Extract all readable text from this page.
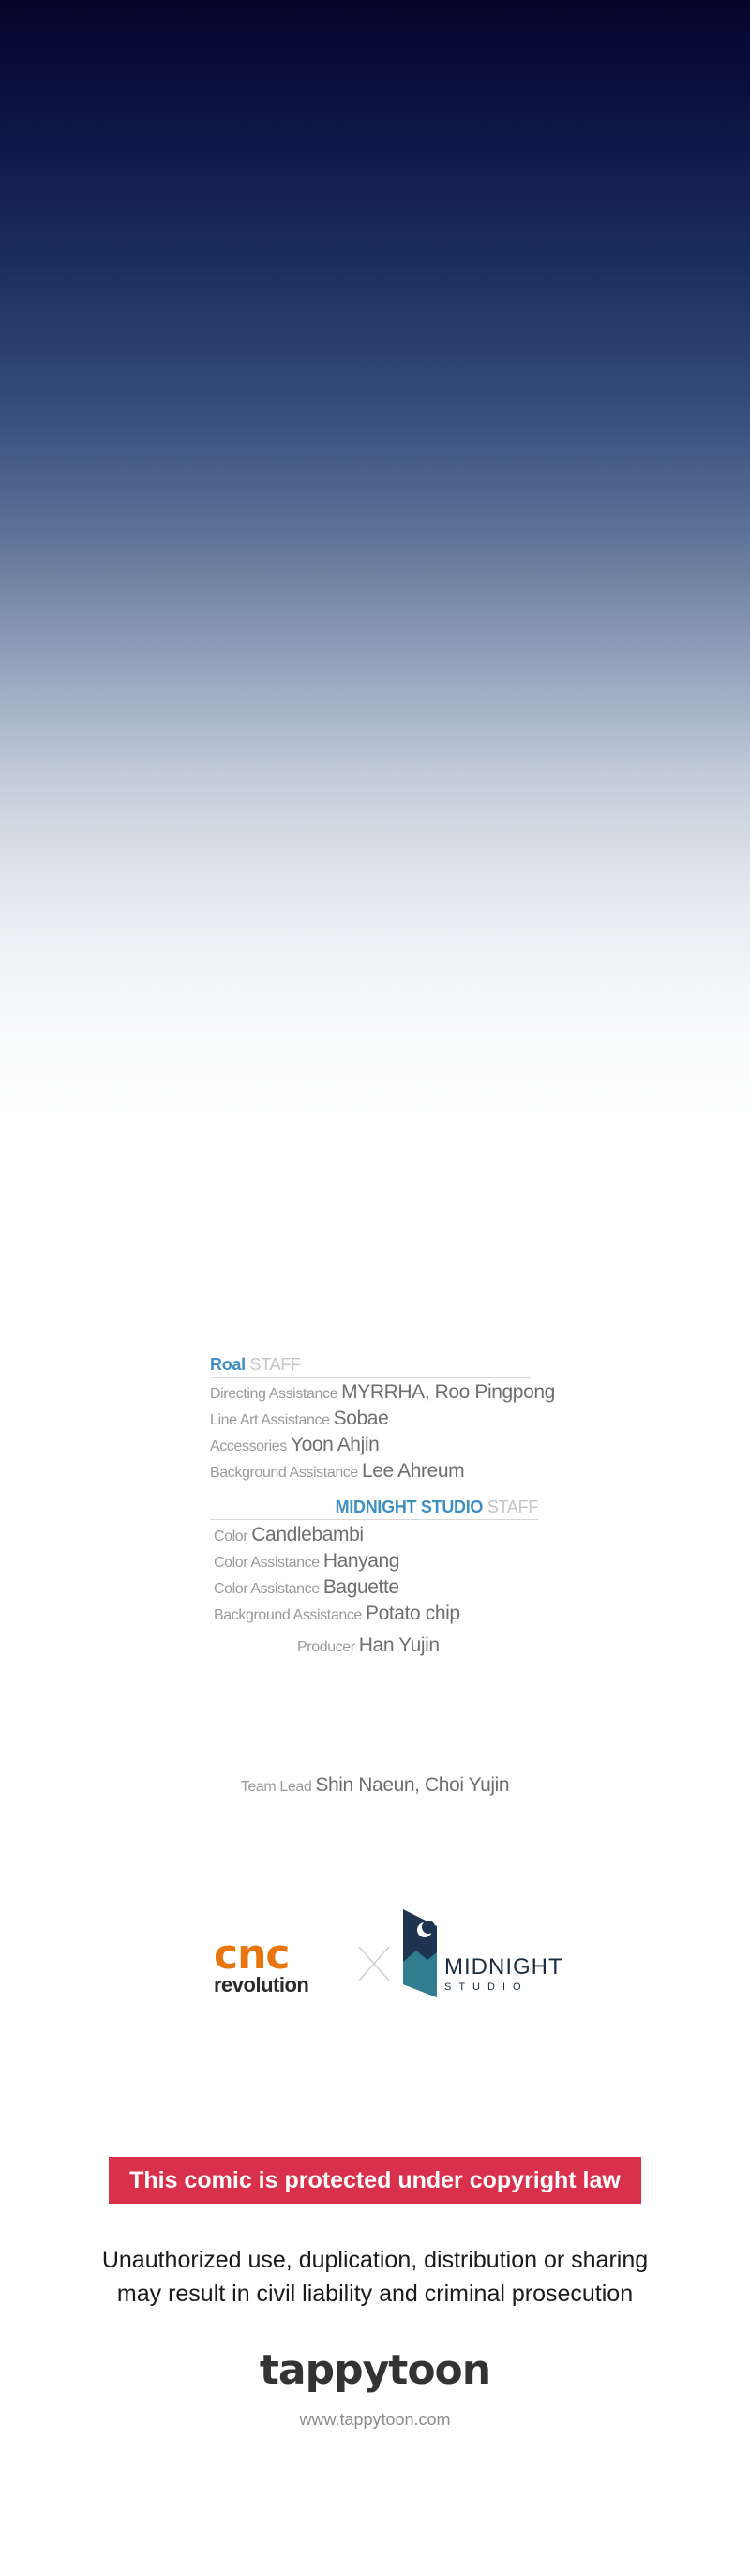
Roal STAFF
Directing Assistance MYRRHA, Roo Pingpong
Line Art Assistance Sobae
Accessories Yoon Ahjin
Background Assistance Lee Ahreum
MIDNIGHT STUDIO STAFF
Color Candlebambi
Color Assistance Hanyang
Color Assistance Baguette
Background Assistance Potato chip
Producer Han Yujin
Team Lead Shin Naeun, Choi Yujin
cnc
revolution
MIDNIGHT
STUDIO
This comic is protected under copyright law
Unauthorized use, duplication, distribution or sharing
may result in civil liability and criminal prosecution
tappytoon
www.tappytoon.com
